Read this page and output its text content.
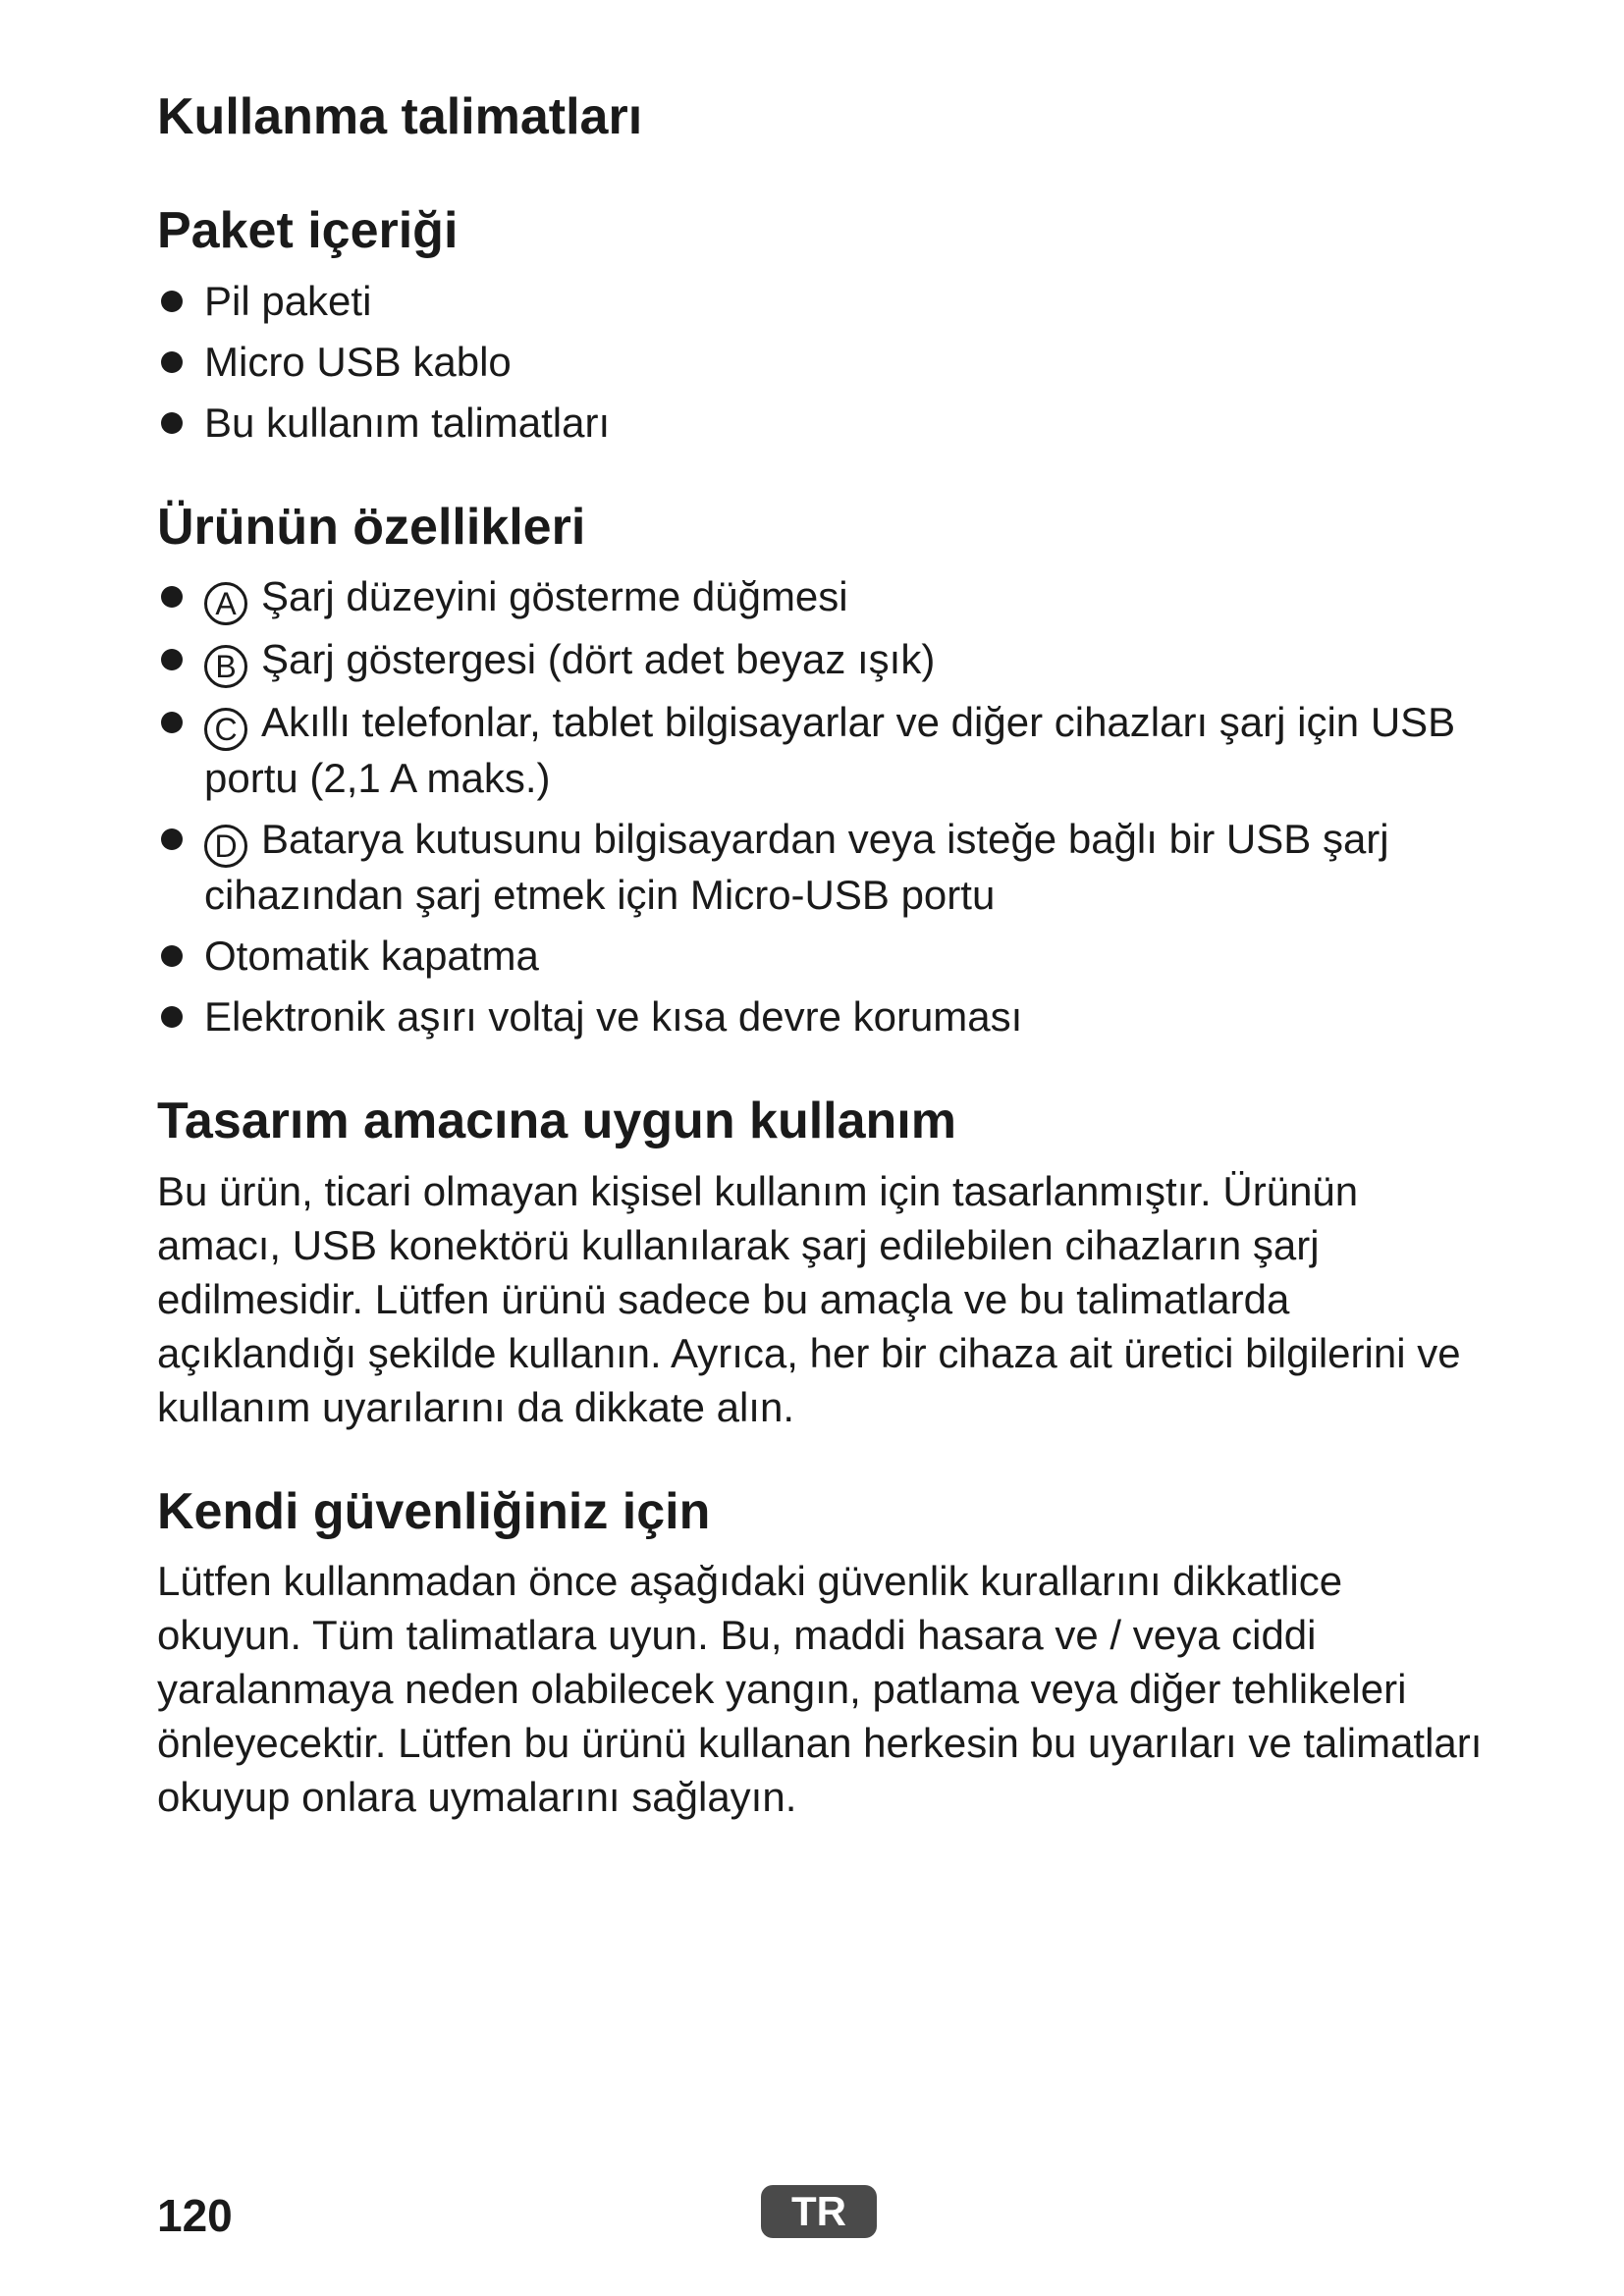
Kullanma talimatları
Paket içeriği
Pil paketi
Micro USB kablo
Bu kullanım talimatları
Ürünün özellikleri
A Şarj düzeyini gösterme düğmesi
B Şarj göstergesi (dört adet beyaz ışık)
C Akıllı telefonlar, tablet bilgisayarlar ve diğer cihazları şarj için USB portu (2,1 A maks.)
D Batarya kutusunu bilgisayardan veya isteğe bağlı bir USB şarj cihazından şarj etmek için Micro-USB portu
Otomatik kapatma
Elektronik aşırı voltaj ve kısa devre koruması
Tasarım amacına uygun kullanım

Bu ürün, ticari olmayan kişisel kullanım için tasarlanmıştır. Ürünün amacı, USB konektörü kullanılarak şarj edilebilen cihazların şarj edilmesidir. Lütfen ürünü sadece bu amaçla ve bu talimatlarda açıklandığı şekilde kullanın. Ayrıca, her bir cihaza ait üretici bilgilerini ve kullanım uyarılarını da dikkate alın.

Kendi güvenliğiniz için

Lütfen kullanmadan önce aşağıdaki güvenlik kurallarını dikkatlice okuyun. Tüm talimatlara uyun. Bu, maddi hasara ve / veya ciddi yaralanmaya neden olabilecek yangın, patlama veya diğer tehlikeleri önleyecektir. Lütfen bu ürünü kullanan herkesin bu uyarıları ve talimatları okuyup onlara uymalarını sağlayın.

120	TR
